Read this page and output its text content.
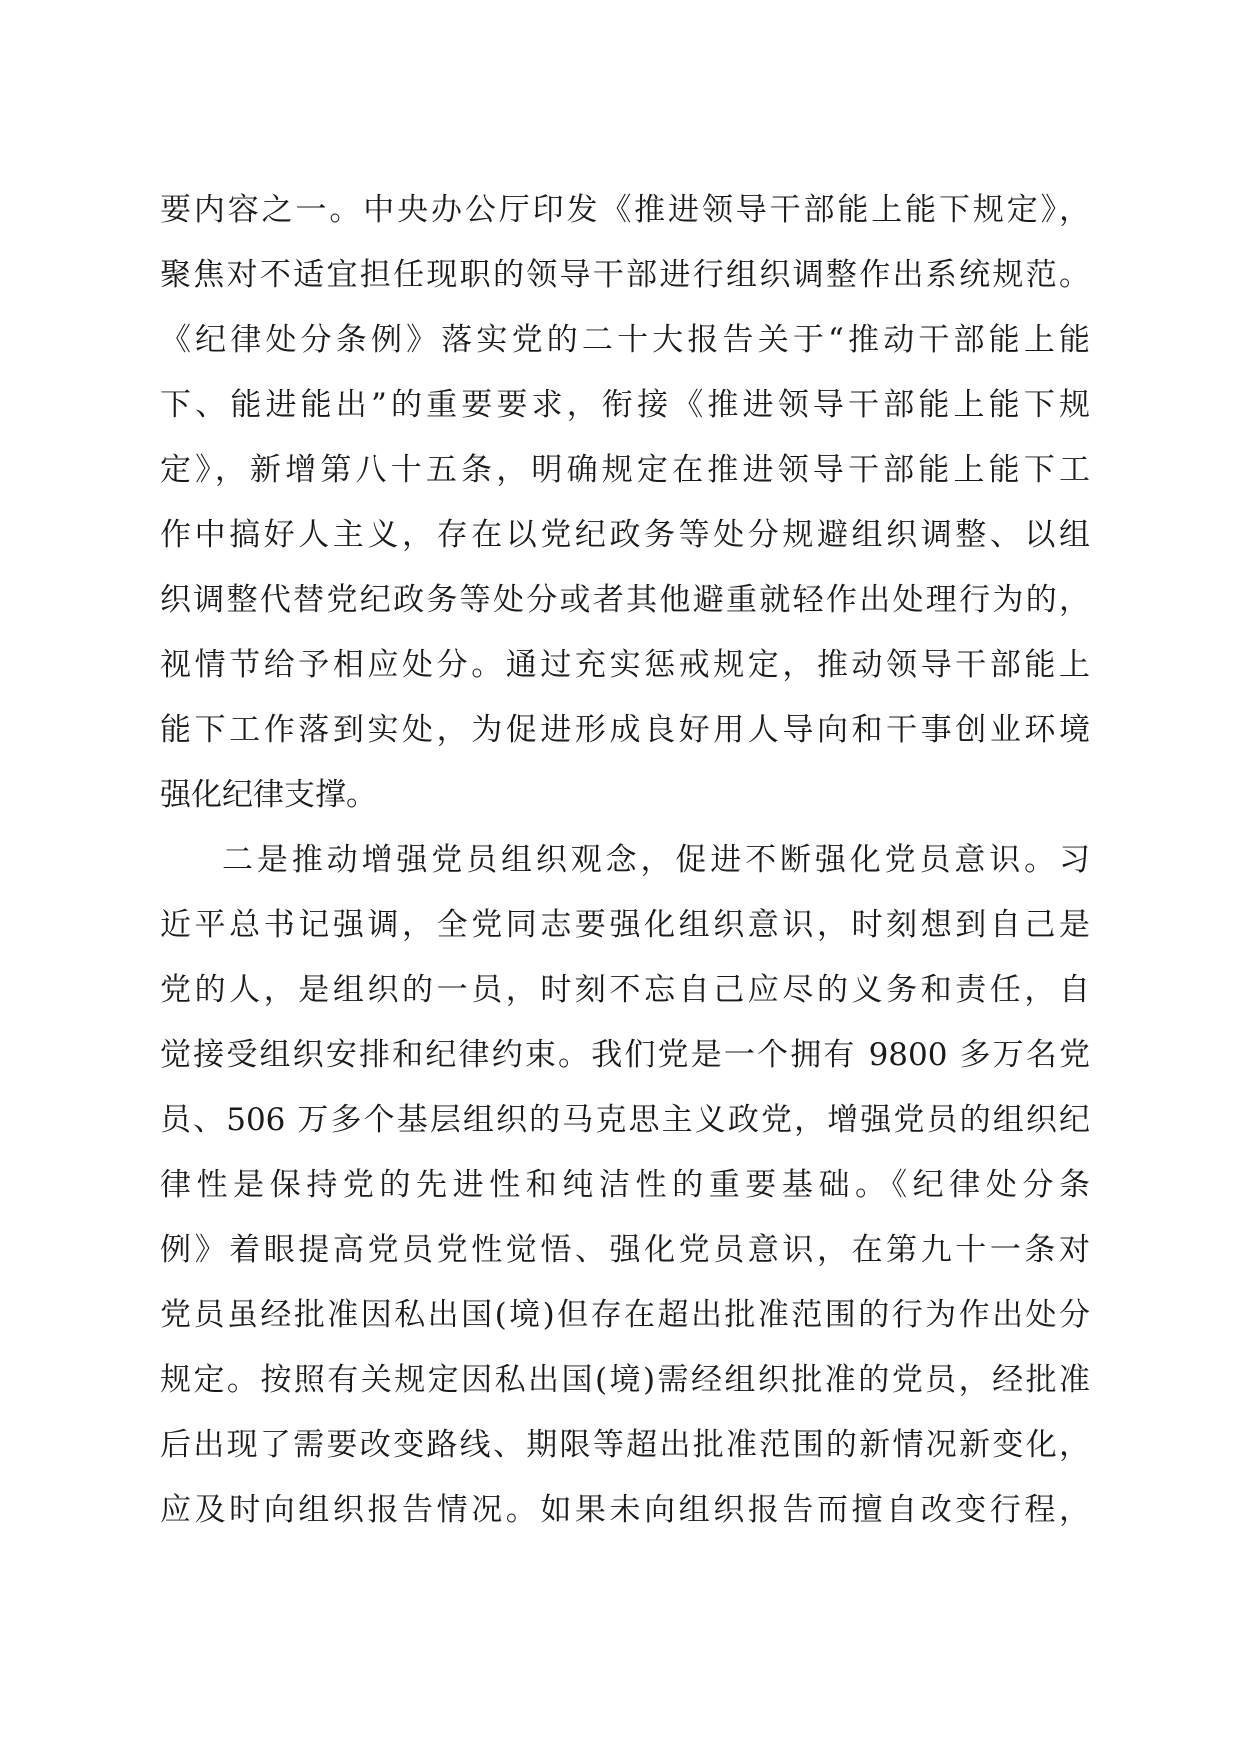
要内容之一。中央办公厅印发《推进领导干部能上能下规定》，
聚焦对不适宜担任现职的领导干部进行组织调整作出系统规范。
《纪律处分条例》落实党的二十大报告关于“推动干部能上能
下、能进能出”的重要要求，衔接《推进领导干部能上能下规
定》，新增第八十五条，明确规定在推进领导干部能上能下工
作中搞好人主义，存在以党纪政务等处分规避组织调整、以组
织调整代替党纪政务等处分或者其他避重就轻作出处理行为的，
视情节给予相应处分。通过充实惩戒规定，推动领导干部能上
能下工作落到实处，为促进形成良好用人导向和干事创业环境
强化纪律支撑。
二是推动增强党员组织观念，促进不断强化党员意识。习
近平总书记强调，全党同志要强化组织意识，时刻想到自己是
党的人，是组织的一员，时刻不忘自己应尽的义务和责任，自
觉接受组织安排和纪律约束。我们党是一个拥有 9800 多万名党
员、506 万多个基层组织的马克思主义政党，增强党员的组织纪
律性是保持党的先进性和纯洁性的重要基础。《纪律处分条
例》着眼提高党员党性觉悟、强化党员意识，在第九十一条对
党员虽经批准因私出国(境)但存在超出批准范围的行为作出处分
规定。按照有关规定因私出国(境)需经组织批准的党员，经批准
后出现了需要改变路线、期限等超出批准范围的新情况新变化，
应及时向组织报告情况。如果未向组织报告而擅自改变行程，
